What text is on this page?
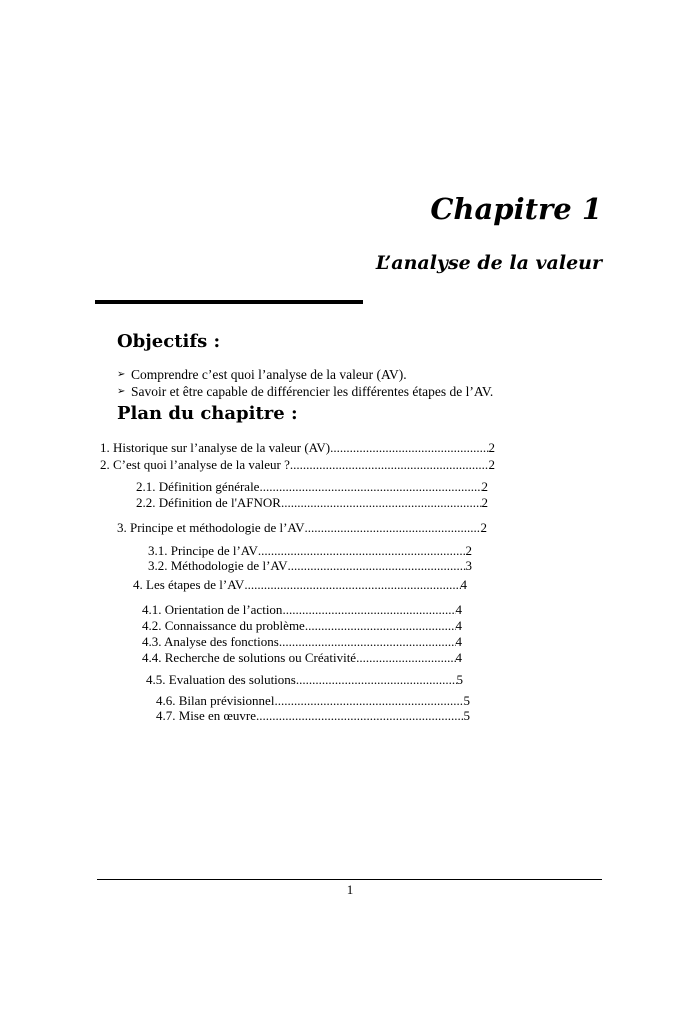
Chapitre 1
L’analyse de la valeur
Objectifs :
➢ Comprendre c’est quoi l’analyse de la valeur (AV).
➢ Savoir et être capable de différencier les différentes étapes de l’AV.
Plan du chapitre :
1. Historique sur l’analyse de la valeur (AV) .....	2
2. C’est quoi l’analyse de la valeur ? .....	2
2.1. Définition générale .....	2
2.2. Définition de l'AFNOR .....	2
3. Principe et méthodologie de l’AV .....	2
3.1. Principe de l’AV .....	2
3.2. Méthodologie de l’AV .....	3
4. Les étapes de l’AV .....	4
4.1. Orientation de l’action .....	4
4.2. Connaissance du problème .....	4
4.3. Analyse des fonctions .....	4
4.4. Recherche de solutions ou Créativité .....	4
4.5. Evaluation des solutions .....	5
4.6. Bilan prévisionnel .....	5
4.7. Mise en œuvre .....	5
1
